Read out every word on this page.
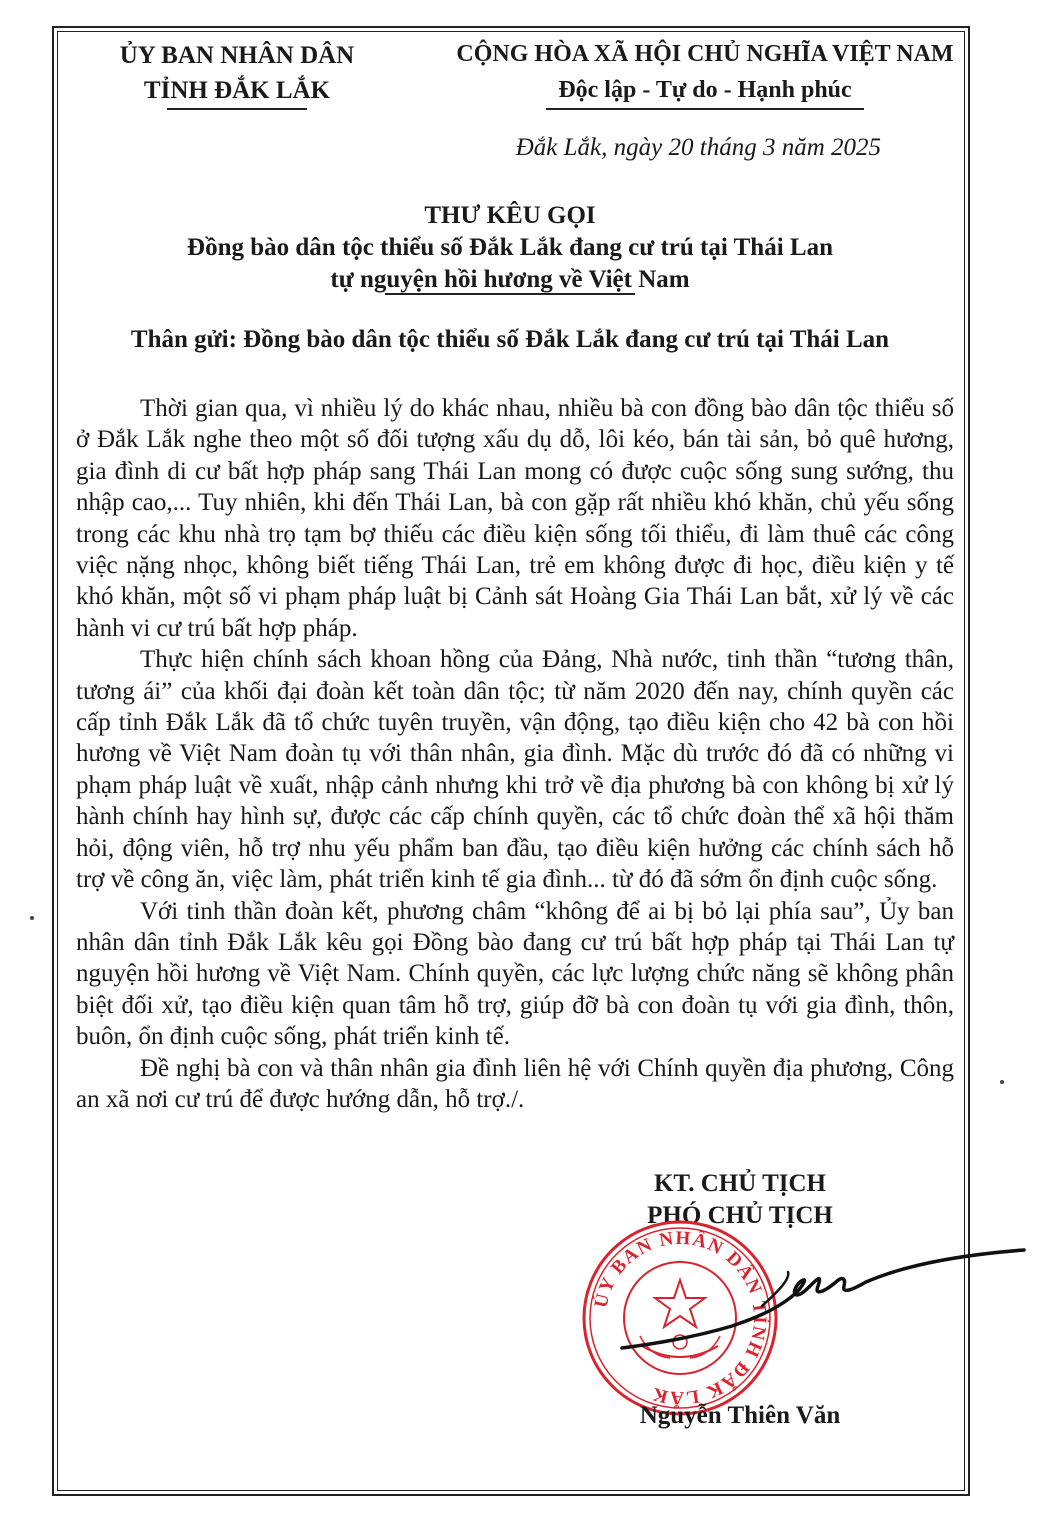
ỦY BAN NHÂN DÂN
TỈNH ĐẮK LẮK
CỘNG HÒA XÃ HỘI CHỦ NGHĨA VIỆT NAM
Độc lập - Tự do - Hạnh phúc
Đắk Lắk, ngày 20 tháng 3 năm 2025
THƯ KÊU GỌI
Đồng bào dân tộc thiểu số Đắk Lắk đang cư trú tại Thái Lan
tự nguyện hồi hương về Việt Nam
Thân gửi: Đồng bào dân tộc thiểu số Đắk Lắk đang cư trú tại Thái Lan

Thời gian qua, vì nhiều lý do khác nhau, nhiều bà con đồng bào dân tộc thiểu số ở Đắk Lắk nghe theo một số đối tượng xấu dụ dỗ, lôi kéo, bán tài sản, bỏ quê hương, gia đình di cư bất hợp pháp sang Thái Lan mong có được cuộc sống sung sướng, thu nhập cao,... Tuy nhiên, khi đến Thái Lan, bà con gặp rất nhiều khó khăn, chủ yếu sống trong các khu nhà trọ tạm bợ thiếu các điều kiện sống tối thiểu, đi làm thuê các công việc nặng nhọc, không biết tiếng Thái Lan, trẻ em không được đi học, điều kiện y tế khó khăn, một số vi phạm pháp luật bị Cảnh sát Hoàng Gia Thái Lan bắt, xử lý về các hành vi cư trú bất hợp pháp.

Thực hiện chính sách khoan hồng của Đảng, Nhà nước, tinh thần “tương thân, tương ái” của khối đại đoàn kết toàn dân tộc; từ năm 2020 đến nay, chính quyền các cấp tỉnh Đắk Lắk đã tổ chức tuyên truyền, vận động, tạo điều kiện cho 42 bà con hồi hương về Việt Nam đoàn tụ với thân nhân, gia đình. Mặc dù trước đó đã có những vi phạm pháp luật về xuất, nhập cảnh nhưng khi trở về địa phương bà con không bị xử lý hành chính hay hình sự, được các cấp chính quyền, các tổ chức đoàn thể xã hội thăm hỏi, động viên, hỗ trợ nhu yếu phẩm ban đầu, tạo điều kiện hưởng các chính sách hỗ trợ về công ăn, việc làm, phát triển kinh tế gia đình... từ đó đã sớm ổn định cuộc sống.

Với tinh thần đoàn kết, phương châm “không để ai bị bỏ lại phía sau”, Ủy ban nhân dân tỉnh Đắk Lắk kêu gọi Đồng bào đang cư trú bất hợp pháp tại Thái Lan tự nguyện hồi hương về Việt Nam. Chính quyền, các lực lượng chức năng sẽ không phân biệt đối xử, tạo điều kiện quan tâm hỗ trợ, giúp đỡ bà con đoàn tụ với gia đình, thôn, buôn, ổn định cuộc sống, phát triển kinh tế.

Đề nghị bà con và thân nhân gia đình liên hệ với Chính quyền địa phương, Công an xã nơi cư trú để được hướng dẫn, hỗ trợ./.

KT. CHỦ TỊCH
PHÓ CHỦ TỊCH
ỦY BAN NHÂN DÂN TỈNH ĐẮK LẮK
Nguyễn Thiên Văn
